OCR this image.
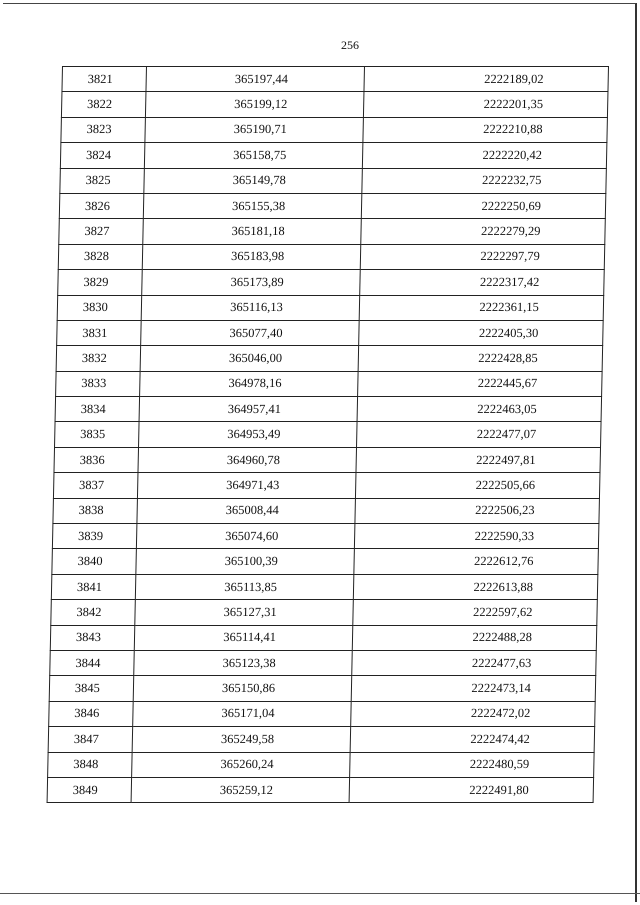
256
3821	365197,44	2222189,02
3822	365199,12	2222201,35
3823	365190,71	2222210,88
3824	365158,75	2222220,42
3825	365149,78	2222232,75
3826	365155,38	2222250,69
3827	365181,18	2222279,29
3828	365183,98	2222297,79
3829	365173,89	2222317,42
3830	365116,13	2222361,15
3831	365077,40	2222405,30
3832	365046,00	2222428,85
3833	364978,16	2222445,67
3834	364957,41	2222463,05
3835	364953,49	2222477,07
3836	364960,78	2222497,81
3837	364971,43	2222505,66
3838	365008,44	2222506,23
3839	365074,60	2222590,33
3840	365100,39	2222612,76
3841	365113,85	2222613,88
3842	365127,31	2222597,62
3843	365114,41	2222488,28
3844	365123,38	2222477,63
3845	365150,86	2222473,14
3846	365171,04	2222472,02
3847	365249,58	2222474,42
3848	365260,24	2222480,59
3849	365259,12	2222491,80
